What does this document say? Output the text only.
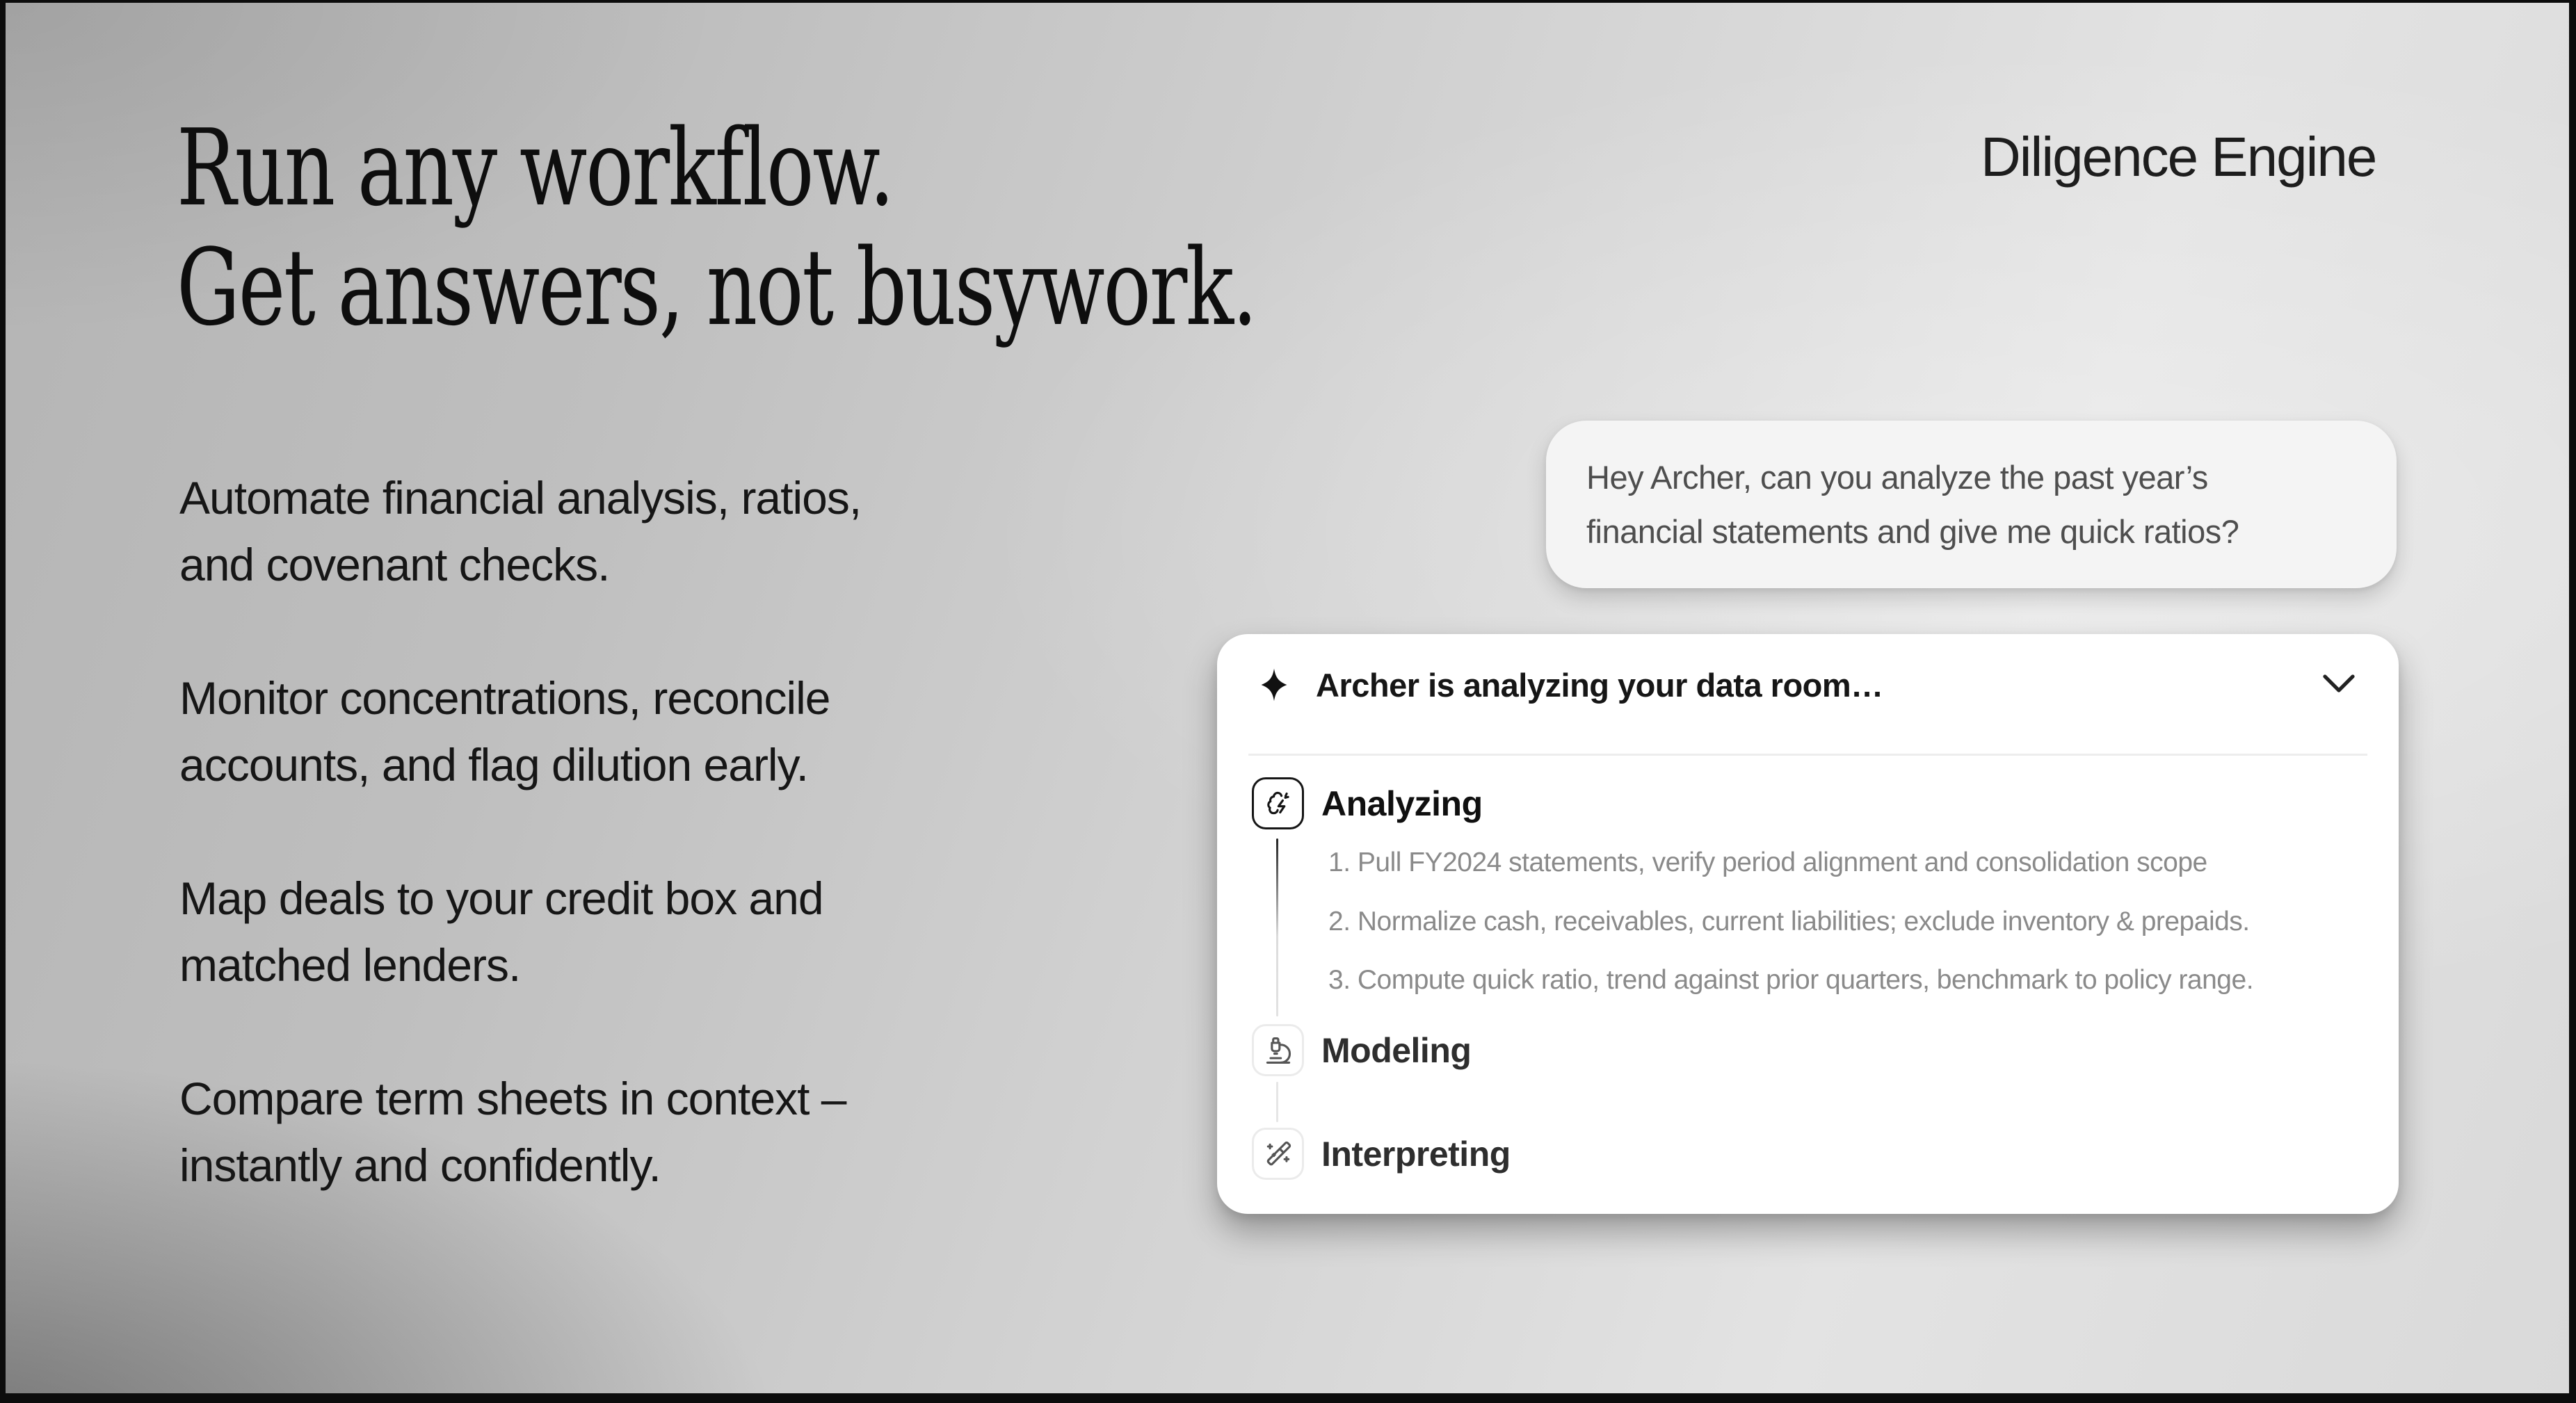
Diligence Engine
Run any workflow.
Get answers, not busywork.

Automate financial analysis, ratios,
and covenant checks.

Monitor concentrations, reconcile
accounts, and flag dilution early.

Map deals to your credit box and
matched lenders.

Compare term sheets in context –
instantly and confidently.

Hey Archer, can you analyze the past year’s
financial statements and give me quick ratios?
Archer is analyzing your data room…
Analyzing
1. Pull FY2024 statements, verify period alignment and consolidation scope
2. Normalize cash, receivables, current liabilities; exclude inventory & prepaids.
3. Compute quick ratio, trend against prior quarters, benchmark to policy range.
Modeling
Interpreting
